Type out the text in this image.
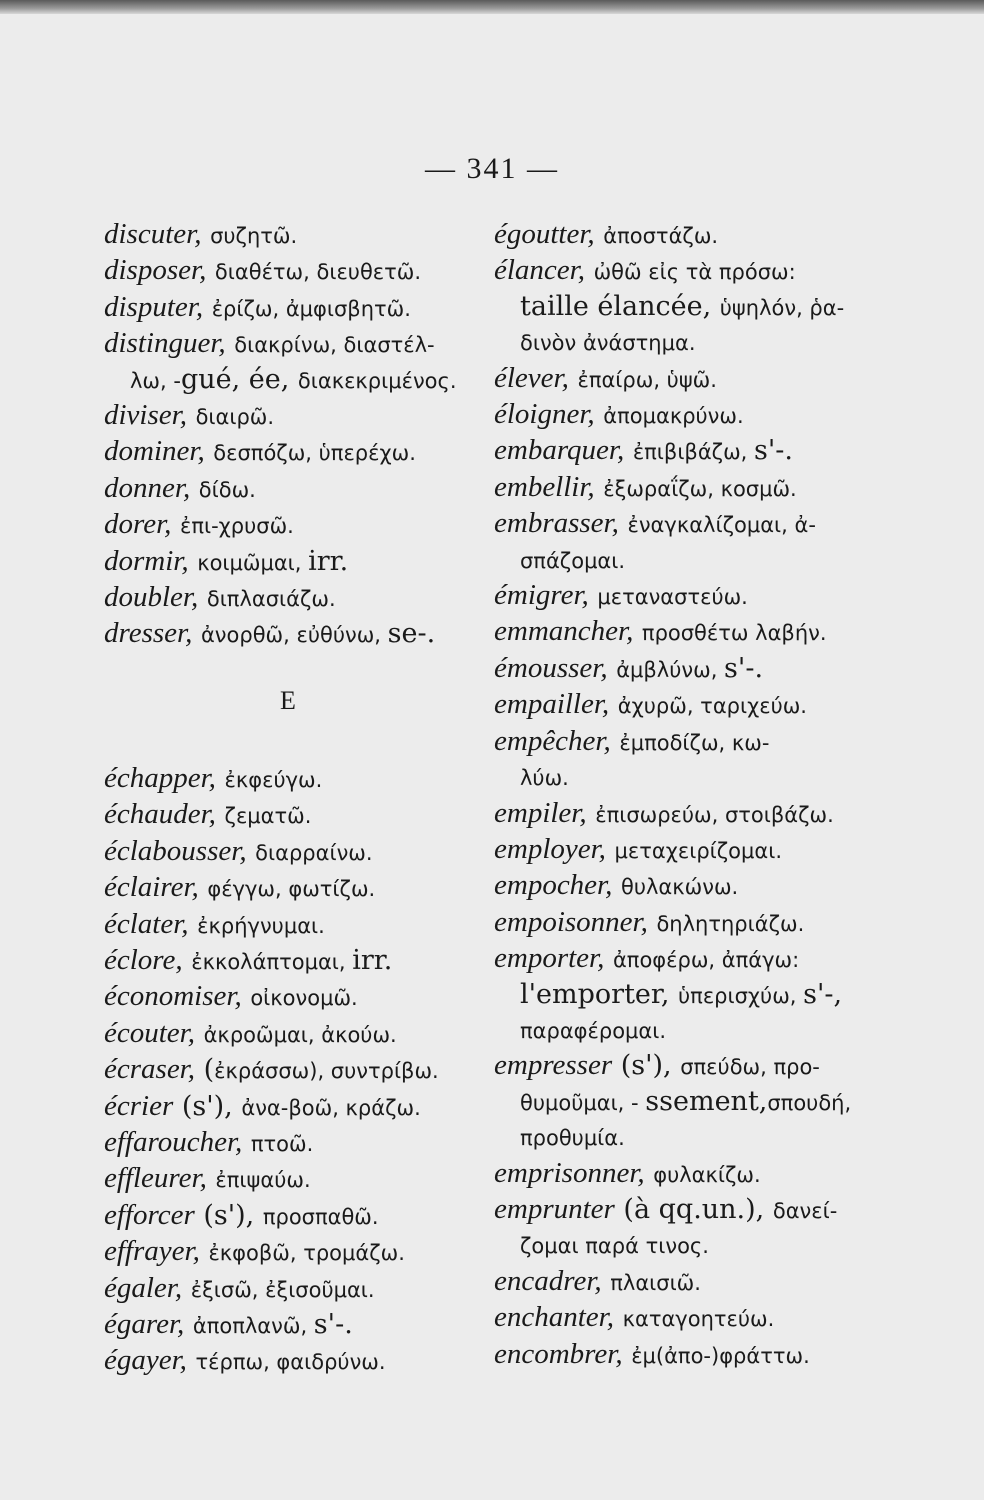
— 341 —
discuter, συζητῶ.
disposer, διαθέτω, διευθετῶ.
disputer, ἐρίζω, ἀμφισβητῶ.
distinguer, διακρίνω, διαστέλ-
λω, -gué, ée, διακεκριμένος.
diviser, διαιρῶ.
dominer, δεσπόζω, ὑπερέχω.
donner, δίδω.
dorer, ἐπι-χρυσῶ.
dormir, κοιμῶμαι, irr.
doubler, διπλασιάζω.
dresser, ἀνορθῶ, εὐθύνω, se-.
E
échapper, ἐκφεύγω.
échauder, ζεματῶ.
éclabousser, διαρραίνω.
éclairer, φέγγω, φωτίζω.
éclater, ἐκρήγνυμαι.
éclore, ἐκκολάπτομαι, irr.
économiser, οἰκονομῶ.
écouter, ἀκροῶμαι, ἀκούω.
écraser, (ἐκράσσω), συντρίβω.
écrier (s'), ἀνα-βοῶ, κράζω.
effaroucher, πτοῶ.
effleurer, ἐπιψαύω.
efforcer (s'), προσπαθῶ.
effrayer, ἐκφοβῶ, τρομάζω.
égaler, ἐξισῶ, ἐξισοῦμαι.
égarer, ἀποπλανῶ, s'-.
égayer, τέρπω, φαιδρύνω.
égoutter, ἀποστάζω.
élancer, ὠθῶ εἰς τὰ πρόσω:
taille élancée, ὑψηλόν, ῥα-
δινὸν ἀνάστημα.
élever, ἐπαίρω, ὑψῶ.
éloigner, ἀπομακρύνω.
embarquer, ἐπιβιβάζω, s'-.
embellir, ἐξωραΐζω, κοσμῶ.
embrasser, ἐναγκαλίζομαι, ἀ-
σπάζομαι.
émigrer, μεταναστεύω.
emmancher, προσθέτω λαβήν.
émousser, ἀμβλύνω, s'-.
empailler, ἀχυρῶ, ταριχεύω.
empêcher, ἐμποδίζω, κω-
λύω.
empiler, ἐπισωρεύω, στοιβάζω.
employer, μεταχειρίζομαι.
empocher, θυλακώνω.
empoisonner, δηλητηριάζω.
emporter, ἀποφέρω, ἀπάγω:
l'emporter, ὑπερισχύω, s'-,
παραφέρομαι.
empresser (s'), σπεύδω, προ-
θυμοῦμαι, - ssement,σπουδή,
προθυμία.
emprisonner, φυλακίζω.
emprunter (à qq.un.), δανεί-
ζομαι παρά τινος.
encadrer, πλαισιῶ.
enchanter, καταγοητεύω.
encombrer, ἐμ(ἀπο-)φράττω.
